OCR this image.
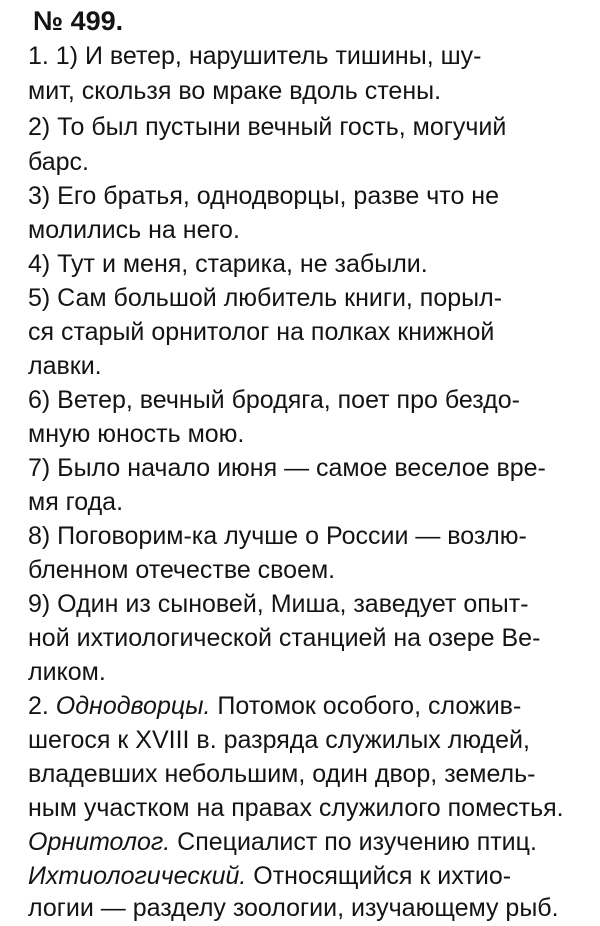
№ 499.
1. 1) И ветер, нарушитель тишины, шу-
мит, скользя во мраке вдоль стены.
2) То был пустыни вечный гость, могучий
барс.
3) Его братья, однодворцы, разве что не
молились на него.
4) Тут и меня, старика, не забыли.
5) Сам большой любитель книги, порыл-
ся старый орнитолог на полках книжной
лавки.
6) Ветер, вечный бродяга, поет про бездо-
мную юность мою.
7) Было начало июня — самое веселое вре-
мя года.
8) Поговорим-ка лучше о России — возлю-
бленном отечестве своем.
9) Один из сыновей, Миша, заведует опыт-
ной ихтиологической станцией на озере Ве-
ликом.
2. Однодворцы. Потомок особого, сложив-
шегося к XVIII в. разряда служилых людей,
владевших небольшим, один двор, земель-
ным участком на правах служилого поместья.
Орнитолог. Специалист по изучению птиц.
Ихтиологический. Относящийся к ихтио-
логии — разделу зоологии, изучающему рыб.
